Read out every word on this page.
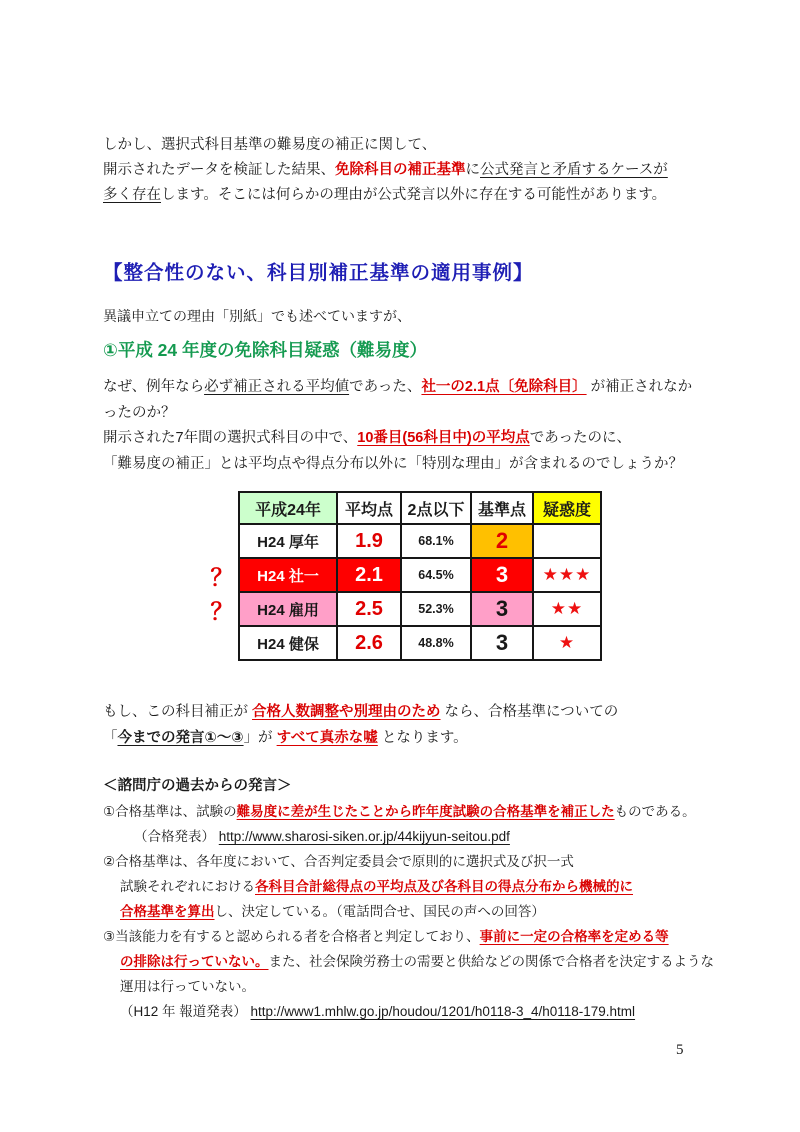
しかし、選択式科目基準の難易度の補正に関して、
開示されたデータを検証した結果、免除科目の補正基準に公式発言と矛盾するケースが
多く存在します。そこには何らかの理由が公式発言以外に存在する可能性があります。
【整合性のない、科目別補正基準の適用事例】
異議申立ての理由「別紙」でも述べていますが、
①平成 24 年度の免除科目疑惑（難易度）
なぜ、例年なら必ず補正される平均値であった、社一の2.1点〔免除科目〕 が補正されなか
ったのか？
開示された7年間の選択式科目の中で、10番目(56科目中)の平均点であったのに、
「難易度の補正」とは平均点や得点分布以外に「特別な理由」が含まれるのでしょうか？
	平成24年	平均点	2点以下	基準点	疑惑度
	H24 厚年	1.9	68.1%	2	
？	H24 社一	2.1	64.5%	3	★★★
？	H24 雇用	2.5	52.3%	3	★★
	H24 健保	2.6	48.8%	3	★
もし、この科目補正が 合格人数調整や別理由のため なら、合格基準についての
「今までの発言①～③」が すべて真赤な嘘 となります。
＜諮問庁の過去からの発言＞
①合格基準は、試験の難易度に差が生じたことから昨年度試験の合格基準を補正したものである。
（合格発表） http://www.sharosi-siken.or.jp/44kijyun-seitou.pdf
②合格基準は、各年度において、合否判定委員会で原則的に選択式及び択一式
試験それぞれにおける各科目合計総得点の平均点及び各科目の得点分布から機械的に
合格基準を算出し、決定している。（電話問合せ、国民の声への回答）
③当該能力を有すると認められる者を合格者と判定しており、事前に一定の合格率を定める等
の排除は行っていない。また、社会保険労務士の需要と供給などの関係で合格者を決定するような
運用は行っていない。
（H12 年 報道発表） http://www1.mhlw.go.jp/houdou/1201/h0118-3_4/h0118-179.html
5
